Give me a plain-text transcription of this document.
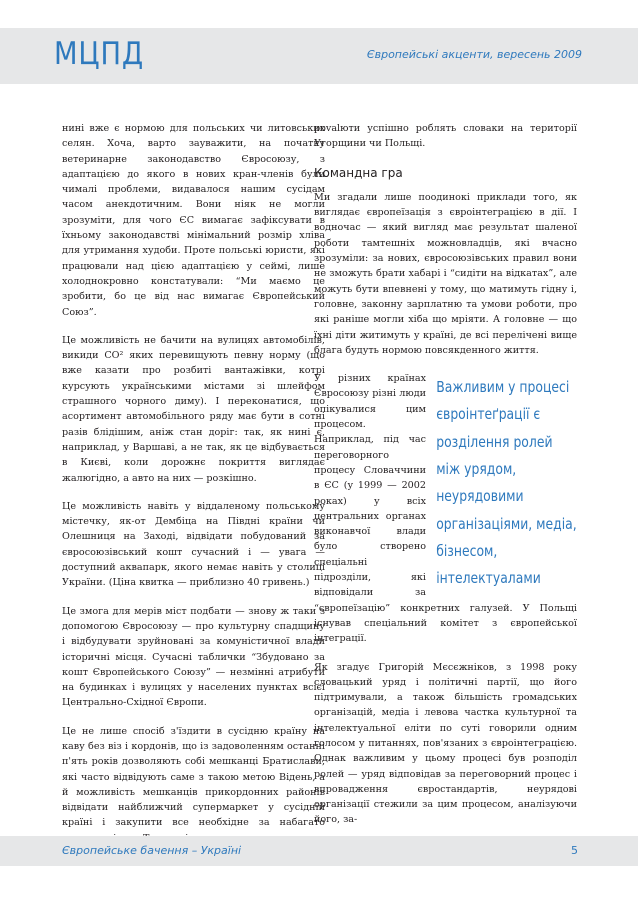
МЦПД	Європейські акценти, вересень 2009

нині вже є нормою для польських чи литовських селян. Хоча, варто зауважити, на початку ветеринарне законодавство Євросоюзу, з адаптацією до якого в нових кран-членів були чималі проблеми, видавалося нашим сусідам часом анекдотичним. Вони ніяк не могли зрозуміти, для чого ЄС вимагає зафіксувати в їхньому законодавстві мінімальний розмір хліва для утримання худоби. Проте польські юристи, які працювали над цією адаптацією у сеймі, лише холоднокровно констатували: “Ми маємо це зробити, бо це від нас вимагає Європейський Союз”.

Це можливість не бачити на вулицях автомобілів, викиди CO² яких перевищують певну норму (що вже казати про розбиті вантажівки, котрі курсують українськими містами зі шлейфом страшного чорного диму). І переконатися, що асортимент автомобільного ряду має бути в сотні разів блідішим, аніж стан доріг: так, як нині є, наприклад, у Варшаві, а не так, як це відбувається в Києві, коли дорожнє покриття виглядає жалюгідно, а авто на них — розкішно.

Це можливість навіть у віддаленому польському містечку, як-от Дембіца на Півдні країни чи Олешниця на Заході, відвідати побудований за євросоюзівський кошт сучасний і — увага — доступний аквапарк, якого немає навіть у столиці України. (Ціна квитка — приблизно 40 гривень.)

Це змога для мерів міст подбати — знову ж таки з допомогою Євросоюзу — про культурну спадщину і відбудувати зруйновані за комуністичної влади історичні місця. Сучасні таблички “Збудовано за кошт Європейського Союзу” — незмінні атрибути на будинках і вулицях у населених пунктах всієї Центрально-Східної Європи.

Це не лише спосіб з'їздити в сусідню країну на каву без віз і кордонів, що із задоволенням останні п'ять років дозволяють собі мешканці Братислави, які часто відвідують саме з такою метою Відень, а й можливість мешканців прикордонних районів відвідати найближчий супермаркет у сусідній країні і закупити все необхідне за набагато

роvalюти успішно роблять словаки на території Угорщини чи Польщі.

Командна гра

Ми згадали лише поодинокі приклади того, як виглядає європеїзація з євроінтеграцією в дії. І водночас — який вигляд має результат шаленої роботи тамтешніх можновладців, які вчасно зрозуміли: за нових, євросоюзівських правил вони не зможуть брати хабарі і “сидіти на відкатах”, але можуть бути впевнені у тому, що матимуть гідну і, головне, законну зарплатню та умови роботи, про які раніше могли хіба що мріяти. А головне — що їхні діти житимуть у країні, де всі перелічені вище блага будуть нормою повсякденного життя.

Важливим у процесі євроінтеґрації є розділення ролей між урядом, неурядовими організаціями, медіа, бізнесом, інтелектуалами

У різних країнах Євросоюзу різні люди опікувалися цим процесом. Наприклад, під час переговорного процесу Словаччини в ЄС (у 1999 — 2002 роках) у всіх центральних органах виконавчої влади було створено спеціальні підрозділи, які відповідали за “європеїзацію” конкретних галузей. У Польщі існував спеціальний комітет з європейської інтеграції.

Як згадує Григорій Мєсєжніков, з 1998 року словацький уряд і політичні партії, що його підтримували, а також більшість громадських організацій, медіа і левова частка культурної та інтелектуальної еліти по суті говорили одним голосом у питаннях, пов'язаних з євроінтеграцією. Однак важливим у цьому процесі був розподіл ролей — уряд відповідав за переговорний процес і впровадження євростандартів, неурядові організації стежили за цим процесом, аналізуючи його, за-

Європейське бачення – Україні	5
